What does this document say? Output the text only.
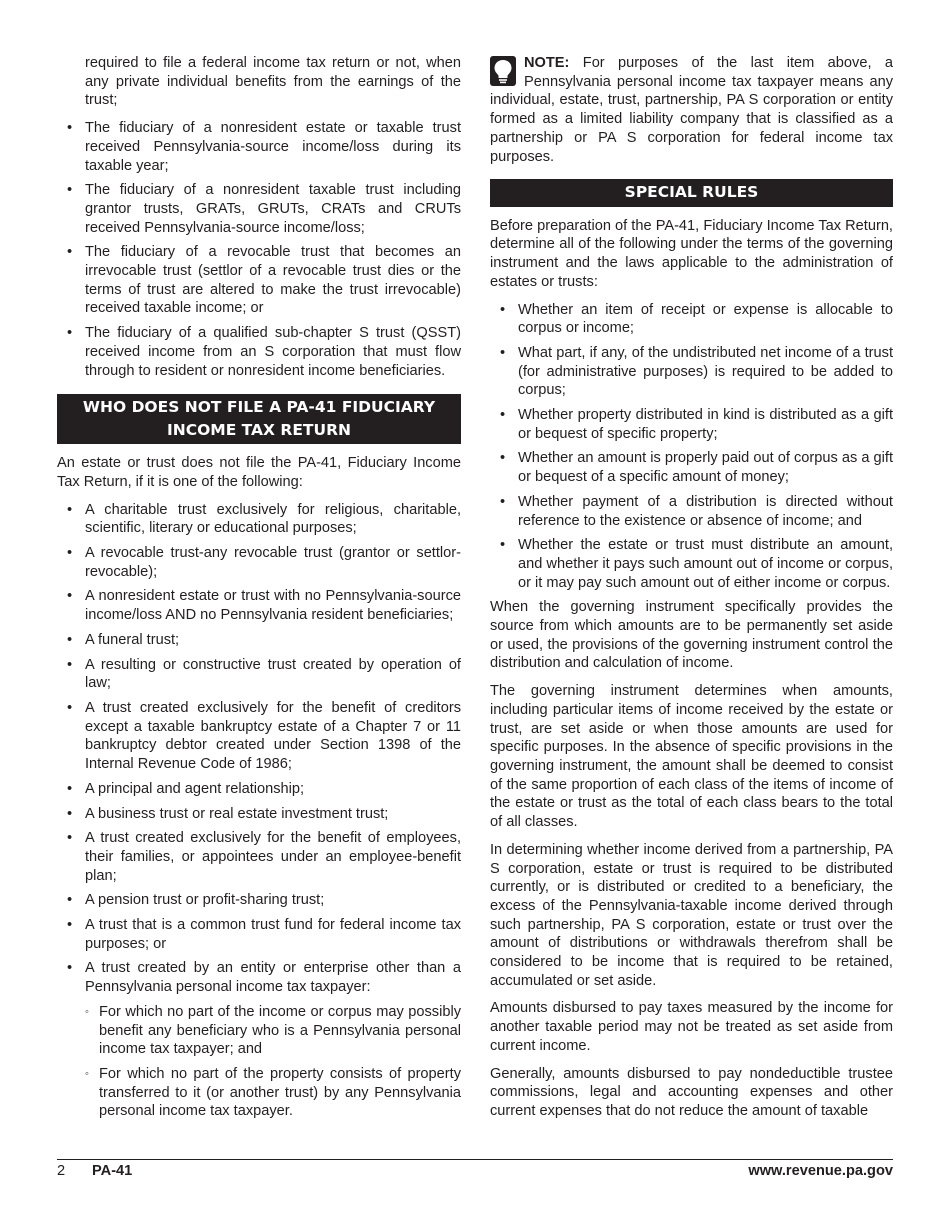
required to file a federal income tax return or not, when any private individual benefits from the earnings of the trust;

• The fiduciary of a nonresident estate or taxable trust received Pennsylvania-source income/loss during its taxable year;
• The fiduciary of a nonresident taxable trust including grantor trusts, GRATs, GRUTs, CRATs and CRUTs received Pennsylvania-source income/loss;
• The fiduciary of a revocable trust that becomes an irrevocable trust (settlor of a revocable trust dies or the terms of trust are altered to make the trust irrevocable) received taxable income; or
• The fiduciary of a qualified sub-chapter S trust (QSST) received income from an S corporation that must flow through to resident or nonresident income beneficiaries.
WHO DOES NOT FILE A PA-41 FIDUCIARY
INCOME TAX RETURN

An estate or trust does not file the PA-41, Fiduciary Income Tax Return, if it is one of the following:

• A charitable trust exclusively for religious, charitable, scientific, literary or educational purposes;
• A revocable trust-any revocable trust (grantor or settlor-revocable);
• A nonresident estate or trust with no Pennsylvania-source income/loss AND no Pennsylvania resident beneficiaries;
• A funeral trust;
• A resulting or constructive trust created by operation of law;
• A trust created exclusively for the benefit of creditors except a taxable bankruptcy estate of a Chapter 7 or 11 bankruptcy debtor created under Section 1398 of the Internal Revenue Code of 1986;
• A principal and agent relationship;
• A business trust or real estate investment trust;
• A trust created exclusively for the benefit of employees, their families, or appointees under an employee-benefit plan;
• A pension trust or profit-sharing trust;
• A trust that is a common trust fund for federal income tax purposes; or
• A trust created by an entity or enterprise other than a Pennsylvania personal income tax taxpayer:
◦ For which no part of the income or corpus may possibly benefit any beneficiary who is a Pennsylvania personal income tax taxpayer; and
◦ For which no part of the property consists of property transferred to it (or another trust) by any Pennsylvania personal income tax taxpayer.

NOTE: For purposes of the last item above, a Pennsylvania personal income tax taxpayer means any individual, estate, trust, partnership, PA S corporation or entity formed as a limited liability company that is classified as a partnership or PA S corporation for federal income tax purposes.

SPECIAL RULES

Before preparation of the PA-41, Fiduciary Income Tax Return, determine all of the following under the terms of the governing instrument and the laws applicable to the administration of estates or trusts:

• Whether an item of receipt or expense is allocable to corpus or income;
• What part, if any, of the undistributed net income of a trust (for administrative purposes) is required to be added to corpus;
• Whether property distributed in kind is distributed as a gift or bequest of specific property;
• Whether an amount is properly paid out of corpus as a gift or bequest of a specific amount of money;
• Whether payment of a distribution is directed without reference to the existence or absence of income; and
• Whether the estate or trust must distribute an amount, and whether it pays such amount out of income or corpus, or it may pay such amount out of either income or corpus.

When the governing instrument specifically provides the source from which amounts are to be permanently set aside or used, the provisions of the governing instrument control the distribution and calculation of income.

The governing instrument determines when amounts, including particular items of income received by the estate or trust, are set aside or when those amounts are used for specific purposes. In the absence of specific provisions in the governing instrument, the amount shall be deemed to consist of the same proportion of each class of the items of income of the estate or trust as the total of each class bears to the total of all classes.

In determining whether income derived from a partnership, PA S corporation, estate or trust is required to be distributed currently, or is distributed or credited to a beneficiary, the excess of the Pennsylvania-taxable income derived through such partnership, PA S corporation, estate or trust over the amount of distributions or withdrawals therefrom shall be considered to be income that is required to be retained, accumulated or set aside.

Amounts disbursed to pay taxes measured by the income for another taxable period may not be treated as set aside from current income.

Generally, amounts disbursed to pay nondeductible trustee commissions, legal and accounting expenses and other current expenses that do not reduce the amount of taxable

2 PA-41	www.revenue.pa.gov
